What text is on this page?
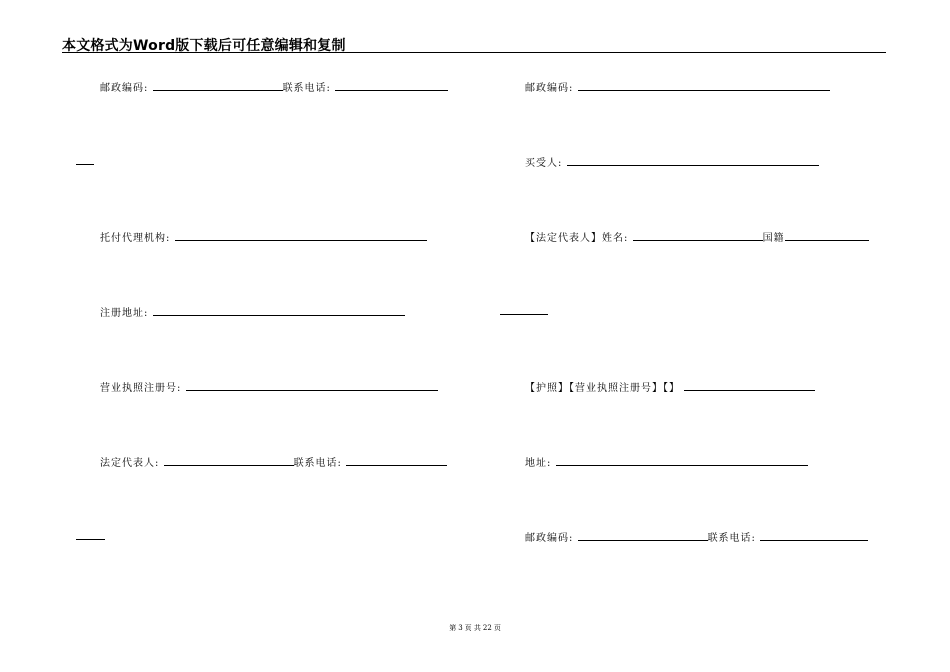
本文格式为Word版下载后可任意编辑和复制
邮政编码:	联系电话:
托付代理机构:
注册地址:
营业执照注册号:
法定代表人:	联系电话:
邮政编码:
买受人:
【法定代表人】姓名:	国籍
【护照】【营业执照注册号】【】
地址:
邮政编码:	联系电话:
第 3 页 共 22 页
